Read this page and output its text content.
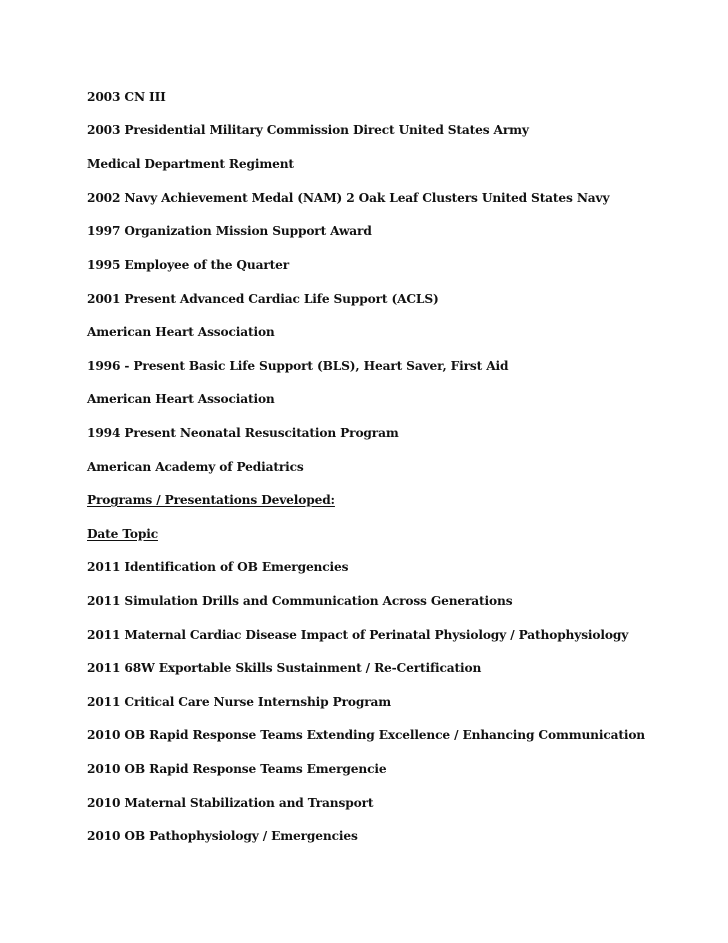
2003 CN III

2003 Presidential Military Commission Direct United States Army

Medical Department Regiment

2002 Navy Achievement Medal (NAM) 2 Oak Leaf Clusters United States Navy

1997 Organization Mission Support Award

1995 Employee of the Quarter

2001 Present Advanced Cardiac Life Support (ACLS)

American Heart Association

1996 - Present Basic Life Support (BLS), Heart Saver, First Aid

American Heart Association

1994 Present Neonatal Resuscitation Program

American Academy of Pediatrics

Programs / Presentations Developed:

Date Topic

2011 Identification of OB Emergencies

2011 Simulation Drills and Communication Across Generations

2011 Maternal Cardiac Disease Impact of Perinatal Physiology / Pathophysiology

2011 68W Exportable Skills Sustainment / Re-Certification

2011 Critical Care Nurse Internship Program

2010 OB Rapid Response Teams Extending Excellence / Enhancing Communication

2010 OB Rapid Response Teams Emergencie

2010 Maternal Stabilization and Transport

2010 OB Pathophysiology / Emergencies
